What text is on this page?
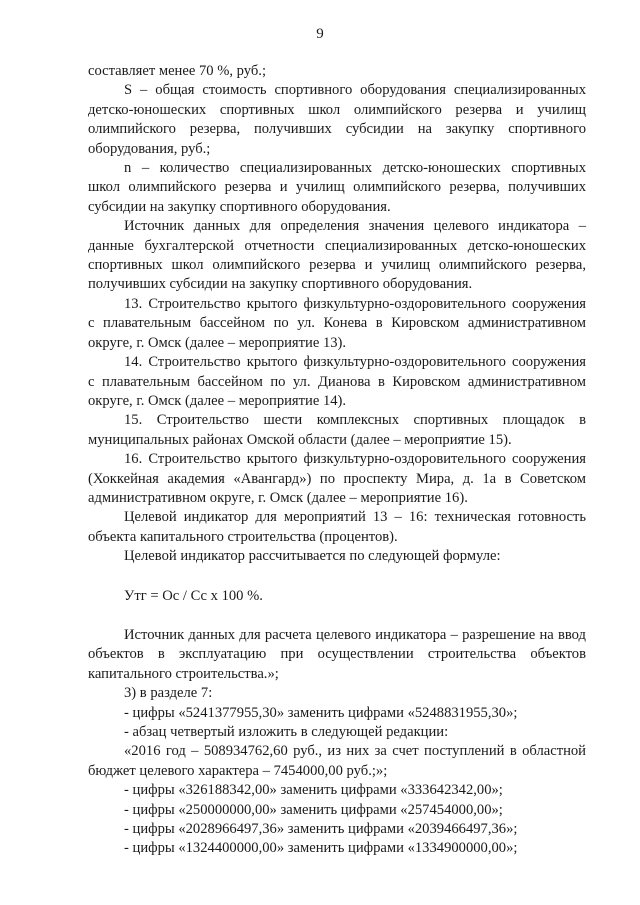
9

составляет менее 70 %, руб.;

S – общая стоимость спортивного оборудования специализированных детско-юношеских спортивных школ олимпийского резерва и училищ олимпийского резерва, получивших субсидии на закупку спортивного оборудования, руб.;

n – количество специализированных детско-юношеских спортивных школ олимпийского резерва и училищ олимпийского резерва, получивших субсидии на закупку спортивного оборудования.

Источник данных для определения значения целевого индикатора – данные бухгалтерской отчетности специализированных детско-юношеских спортивных школ олимпийского резерва и училищ олимпийского резерва, получивших субсидии на закупку спортивного оборудования.

13. Строительство крытого физкультурно-оздоровительного сооружения с плавательным бассейном по ул. Конева в Кировском административном округе, г. Омск (далее – мероприятие 13).

14. Строительство крытого физкультурно-оздоровительного сооружения с плавательным бассейном по ул. Дианова в Кировском административном округе, г. Омск (далее – мероприятие 14).

15. Строительство шести комплексных спортивных площадок в муниципальных районах Омской области (далее – мероприятие 15).

16. Строительство крытого физкультурно-оздоровительного сооружения (Хоккейная академия «Авангард») по проспекту Мира, д. 1а в Советском административном округе, г. Омск (далее – мероприятие 16).

Целевой индикатор для мероприятий 13 – 16: техническая готовность объекта капитального строительства (процентов).

Целевой индикатор рассчитывается по следующей формуле:

Утг = Ос / Сс х 100 %.

Источник данных для расчета целевого индикатора – разрешение на ввод объектов в эксплуатацию при осуществлении строительства объектов капитального строительства.»;

3) в разделе 7:

- цифры «5241377955,30» заменить цифрами «5248831955,30»;

- абзац четвертый изложить в следующей редакции:

«2016 год – 508934762,60 руб., из них за счет поступлений в областной бюджет целевого характера – 7454000,00 руб.;»;

- цифры «326188342,00» заменить цифрами «333642342,00»;

- цифры «250000000,00» заменить цифрами «257454000,00»;

- цифры «2028966497,36» заменить цифрами «2039466497,36»;

- цифры «1324400000,00» заменить цифрами «1334900000,00»;
